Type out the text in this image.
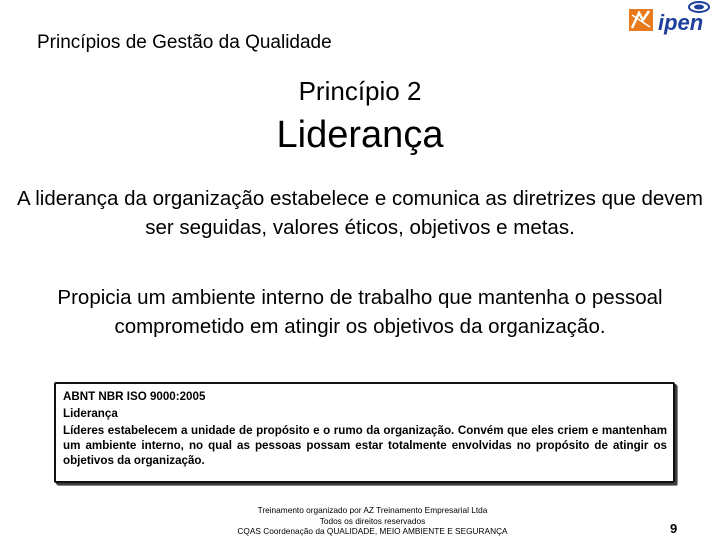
Princípios de Gestão da Qualidade
ipen
Princípio 2
Liderança
A liderança da organização estabelece e comunica as diretrizes que devem ser seguidas, valores éticos, objetivos e metas.
Propicia um ambiente interno de trabalho que mantenha o pessoal comprometido em atingir os objetivos da organização.
ABNT NBR ISO 9000:2005
Liderança
Líderes estabelecem a unidade de propósito e o rumo da organização. Convém que eles criem e mantenham um ambiente interno, no qual as pessoas possam estar totalmente envolvidas no propósito de atingir os objetivos da organização.
Treinamento organizado por AZ Treinamento Empresarial Ltda
Todos os direitos reservados
CQAS Coordenação da QUALIDADE, MEIO AMBIENTE E SEGURANÇA	9
